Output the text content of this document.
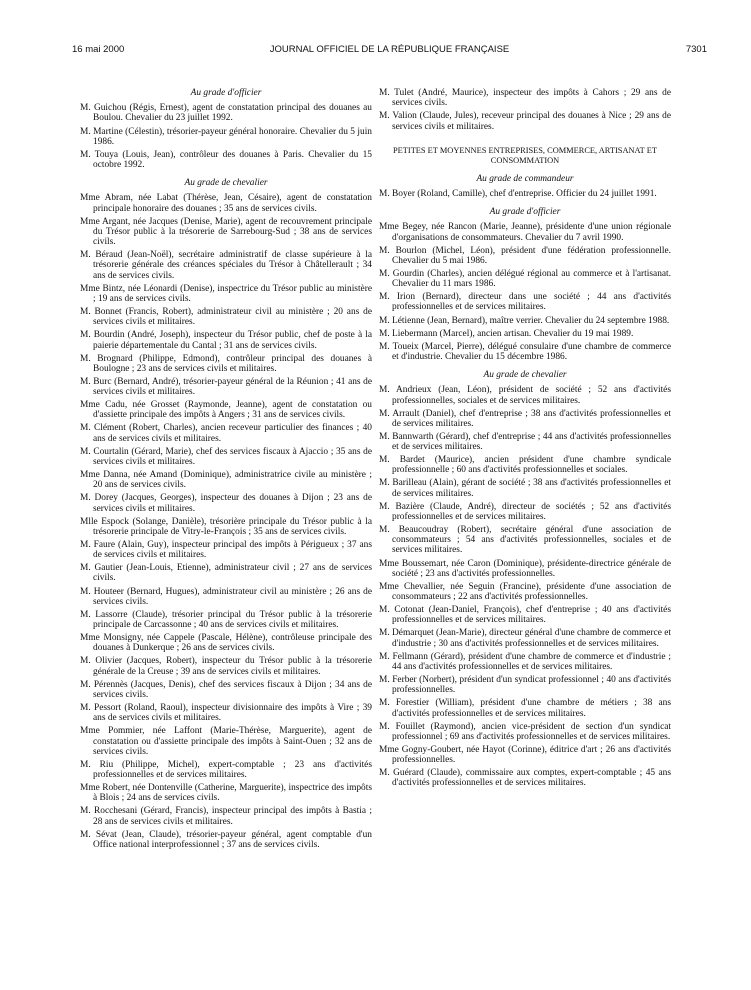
16 mai 2000	JOURNAL OFFICIEL DE LA RÉPUBLIQUE FRANÇAISE	7301
Au grade d'officier
M. Guichou (Régis, Ernest), agent de constatation principal des douanes au Boulou. Chevalier du 23 juillet 1992.
M. Martine (Célestin), trésorier-payeur général honoraire. Chevalier du 5 juin 1986.
M. Touya (Louis, Jean), contrôleur des douanes à Paris. Chevalier du 15 octobre 1992.
Au grade de chevalier
Mme Abram, née Labat (Thérèse, Jean, Césaire), agent de constatation principale honoraire des douanes ; 35 ans de services civils.
Mme Argant, née Jacques (Denise, Marie), agent de recouvrement principale du Trésor public à la trésorerie de Sarrebourg-Sud ; 38 ans de services civils.
M. Béraud (Jean-Noël), secrétaire administratif de classe supérieure à la trésorerie générale des créances spéciales du Trésor à Châtellerault ; 34 ans de services civils.
Mme Bintz, née Léonardi (Denise), inspectrice du Trésor public au ministère ; 19 ans de services civils.
M. Bonnet (Francis, Robert), administrateur civil au ministère ; 20 ans de services civils et militaires.
M. Bourdin (André, Joseph), inspecteur du Trésor public, chef de poste à la paierie départementale du Cantal ; 31 ans de services civils.
M. Brognard (Philippe, Edmond), contrôleur principal des douanes à Boulogne ; 23 ans de services civils et militaires.
M. Burc (Bernard, André), trésorier-payeur général de la Réunion ; 41 ans de services civils et militaires.
Mme Cadu, née Grosset (Raymonde, Jeanne), agent de constatation ou d'assiette principale des impôts à Angers ; 31 ans de services civils.
M. Clément (Robert, Charles), ancien receveur particulier des finances ; 40 ans de services civils et militaires.
M. Courtalin (Gérard, Marie), chef des services fiscaux à Ajaccio ; 35 ans de services civils et militaires.
Mme Danna, née Amand (Dominique), administratrice civile au ministère ; 20 ans de services civils.
M. Dorey (Jacques, Georges), inspecteur des douanes à Dijon ; 23 ans de services civils et militaires.
Mlle Espock (Solange, Danièle), trésorière principale du Trésor public à la trésorerie principale de Vitry-le-François ; 35 ans de services civils.
M. Faure (Alain, Guy), inspecteur principal des impôts à Périgueux ; 37 ans de services civils et militaires.
M. Gautier (Jean-Louis, Etienne), administrateur civil ; 27 ans de services civils.
M. Houteer (Bernard, Hugues), administrateur civil au ministère ; 26 ans de services civils.
M. Lassorre (Claude), trésorier principal du Trésor public à la trésorerie principale de Carcassonne ; 40 ans de services civils et militaires.
Mme Monsigny, née Cappele (Pascale, Hélène), contrôleuse principale des douanes à Dunkerque ; 26 ans de services civils.
M. Olivier (Jacques, Robert), inspecteur du Trésor public à la trésorerie générale de la Creuse ; 39 ans de services civils et militaires.
M. Pérennès (Jacques, Denis), chef des services fiscaux à Dijon ; 34 ans de services civils.
M. Pessort (Roland, Raoul), inspecteur divisionnaire des impôts à Vire ; 39 ans de services civils et militaires.
Mme Pommier, née Laffont (Marie-Thérèse, Marguerite), agent de constatation ou d'assiette principale des impôts à Saint-Ouen ; 32 ans de services civils.
M. Riu (Philippe, Michel), expert-comptable ; 23 ans d'activités professionnelles et de services militaires.
Mme Robert, née Dontenville (Catherine, Marguerite), inspectrice des impôts à Blois ; 24 ans de services civils.
M. Rocchesani (Gérard, Francis), inspecteur principal des impôts à Bastia ; 28 ans de services civils et militaires.
M. Sévat (Jean, Claude), trésorier-payeur général, agent comptable d'un Office national interprofessionnel ; 37 ans de services civils.
M. Tulet (André, Maurice), inspecteur des impôts à Cahors ; 29 ans de services civils.
M. Valion (Claude, Jules), receveur principal des douanes à Nice ; 29 ans de services civils et militaires.
PETITES ET MOYENNES ENTREPRISES, COMMERCE, ARTISANAT ET CONSOMMATION
Au grade de commandeur
M. Boyer (Roland, Camille), chef d'entreprise. Officier du 24 juillet 1991.
Au grade d'officier
Mme Begey, née Rancon (Marie, Jeanne), présidente d'une union régionale d'organisations de consommateurs. Chevalier du 7 avril 1990.
M. Bourlon (Michel, Léon), président d'une fédération professionnelle. Chevalier du 5 mai 1986.
M. Gourdin (Charles), ancien délégué régional au commerce et à l'artisanat. Chevalier du 11 mars 1986.
M. Irion (Bernard), directeur dans une société ; 44 ans d'activités professionnelles et de services militaires.
M. Létienne (Jean, Bernard), maître verrier. Chevalier du 24 septembre 1988.
M. Liebermann (Marcel), ancien artisan. Chevalier du 19 mai 1989.
M. Toueix (Marcel, Pierre), délégué consulaire d'une chambre de commerce et d'industrie. Chevalier du 15 décembre 1986.
Au grade de chevalier
M. Andrieux (Jean, Léon), président de société ; 52 ans d'activités professionnelles, sociales et de services militaires.
M. Arrault (Daniel), chef d'entreprise ; 38 ans d'activités professionnelles et de services militaires.
M. Bannwarth (Gérard), chef d'entreprise ; 44 ans d'activités professionnelles et de services militaires.
M. Bardet (Maurice), ancien président d'une chambre syndicale professionnelle ; 60 ans d'activités professionnelles et sociales.
M. Barilleau (Alain), gérant de société ; 38 ans d'activités professionnelles et de services militaires.
M. Bazière (Claude, André), directeur de sociétés ; 52 ans d'activités professionnelles et de services militaires.
M. Beaucoudray (Robert), secrétaire général d'une association de consommateurs ; 54 ans d'activités professionnelles, sociales et de services militaires.
Mme Boussemart, née Caron (Dominique), présidente-directrice générale de société ; 23 ans d'activités professionnelles.
Mme Chevallier, née Seguin (Francine), présidente d'une association de consommateurs ; 22 ans d'activités professionnelles.
M. Cotonat (Jean-Daniel, François), chef d'entreprise ; 40 ans d'activités professionnelles et de services militaires.
M. Démarquet (Jean-Marie), directeur général d'une chambre de commerce et d'industrie ; 30 ans d'activités professionnelles et de services militaires.
M. Fellmann (Gérard), président d'une chambre de commerce et d'industrie ; 44 ans d'activités professionnelles et de services militaires.
M. Ferber (Norbert), président d'un syndicat professionnel ; 40 ans d'activités professionnelles.
M. Forestier (William), président d'une chambre de métiers ; 38 ans d'activités professionnelles et de services militaires.
M. Fouillet (Raymond), ancien vice-président de section d'un syndicat professionnel ; 69 ans d'activités professionnelles et de services militaires.
Mme Gogny-Goubert, née Hayot (Corinne), éditrice d'art ; 26 ans d'activités professionnelles.
M. Guérard (Claude), commissaire aux comptes, expert-comptable ; 45 ans d'activités professionnelles et de services militaires.
